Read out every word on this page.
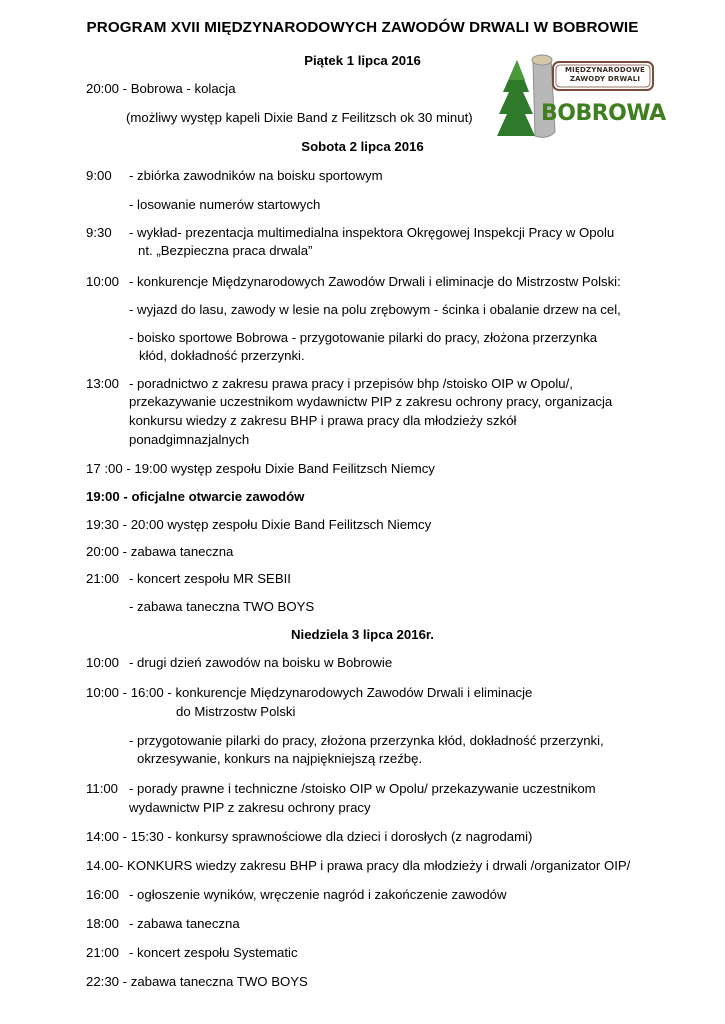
PROGRAM XVII MIĘDZYNARODOWYCH ZAWODÓW DRWALI W BOBROWIE
MIĘDZYNARODOWE
ZAWODY DRWALI
BOBROWA
Piątek 1 lipca 2016
20:00 - Bobrowa - kolacja
(możliwy występ kapeli Dixie Band z Feilitzsch ok 30 minut)
Sobota 2 lipca 2016
9:00 - zbiórka zawodników na boisku sportowym
- losowanie numerów startowych
9:30 - wykład- prezentacja multimedialna inspektora Okręgowej Inspekcji Pracy w Opolu
nt. „Bezpieczna praca drwala”
10:00 - konkurencje Międzynarodowych Zawodów Drwali i eliminacje do Mistrzostw Polski:
- wyjazd do lasu, zawody w lesie na polu zrębowym - ścinka i obalanie drzew na cel,
- boisko sportowe Bobrowa - przygotowanie pilarki do pracy, złożona przerzynka
kłód, dokładność przerzynki.
13:00 - poradnictwo z zakresu prawa pracy i przepisów bhp /stoisko OIP w Opolu/,
przekazywanie uczestnikom wydawnictw PIP z zakresu ochrony pracy, organizacja
konkursu wiedzy z zakresu BHP i prawa pracy dla młodzieży szkół
ponadgimnazjalnych
17 :00 - 19:00 występ zespołu Dixie Band Feilitzsch Niemcy
19:00 - oficjalne otwarcie zawodów
19:30 - 20:00 występ zespołu Dixie Band Feilitzsch Niemcy
20:00 - zabawa taneczna
21:00 - koncert zespołu MR SEBII
- zabawa taneczna TWO BOYS
Niedziela 3 lipca 2016r.
10:00 - drugi dzień zawodów na boisku w Bobrowie
10:00 - 16:00 - konkurencje Międzynarodowych Zawodów Drwali i eliminacje
do Mistrzostw Polski
- przygotowanie pilarki do pracy, złożona przerzynka kłód, dokładność przerzynki,
okrzesywanie, konkurs na najpiękniejszą rzeźbę.
11:00 - porady prawne i techniczne /stoisko OIP w Opolu/ przekazywanie uczestnikom
wydawnictw PIP z zakresu ochrony pracy
14:00 - 15:30 - konkursy sprawnościowe dla dzieci i dorosłych (z nagrodami)
14.00- KONKURS wiedzy zakresu BHP i prawa pracy dla młodzieży i drwali /organizator OIP/
16:00 - ogłoszenie wyników, wręczenie nagród i zakończenie zawodów
18:00 - zabawa taneczna
21:00 - koncert zespołu Systematic
22:30 - zabawa taneczna TWO BOYS
